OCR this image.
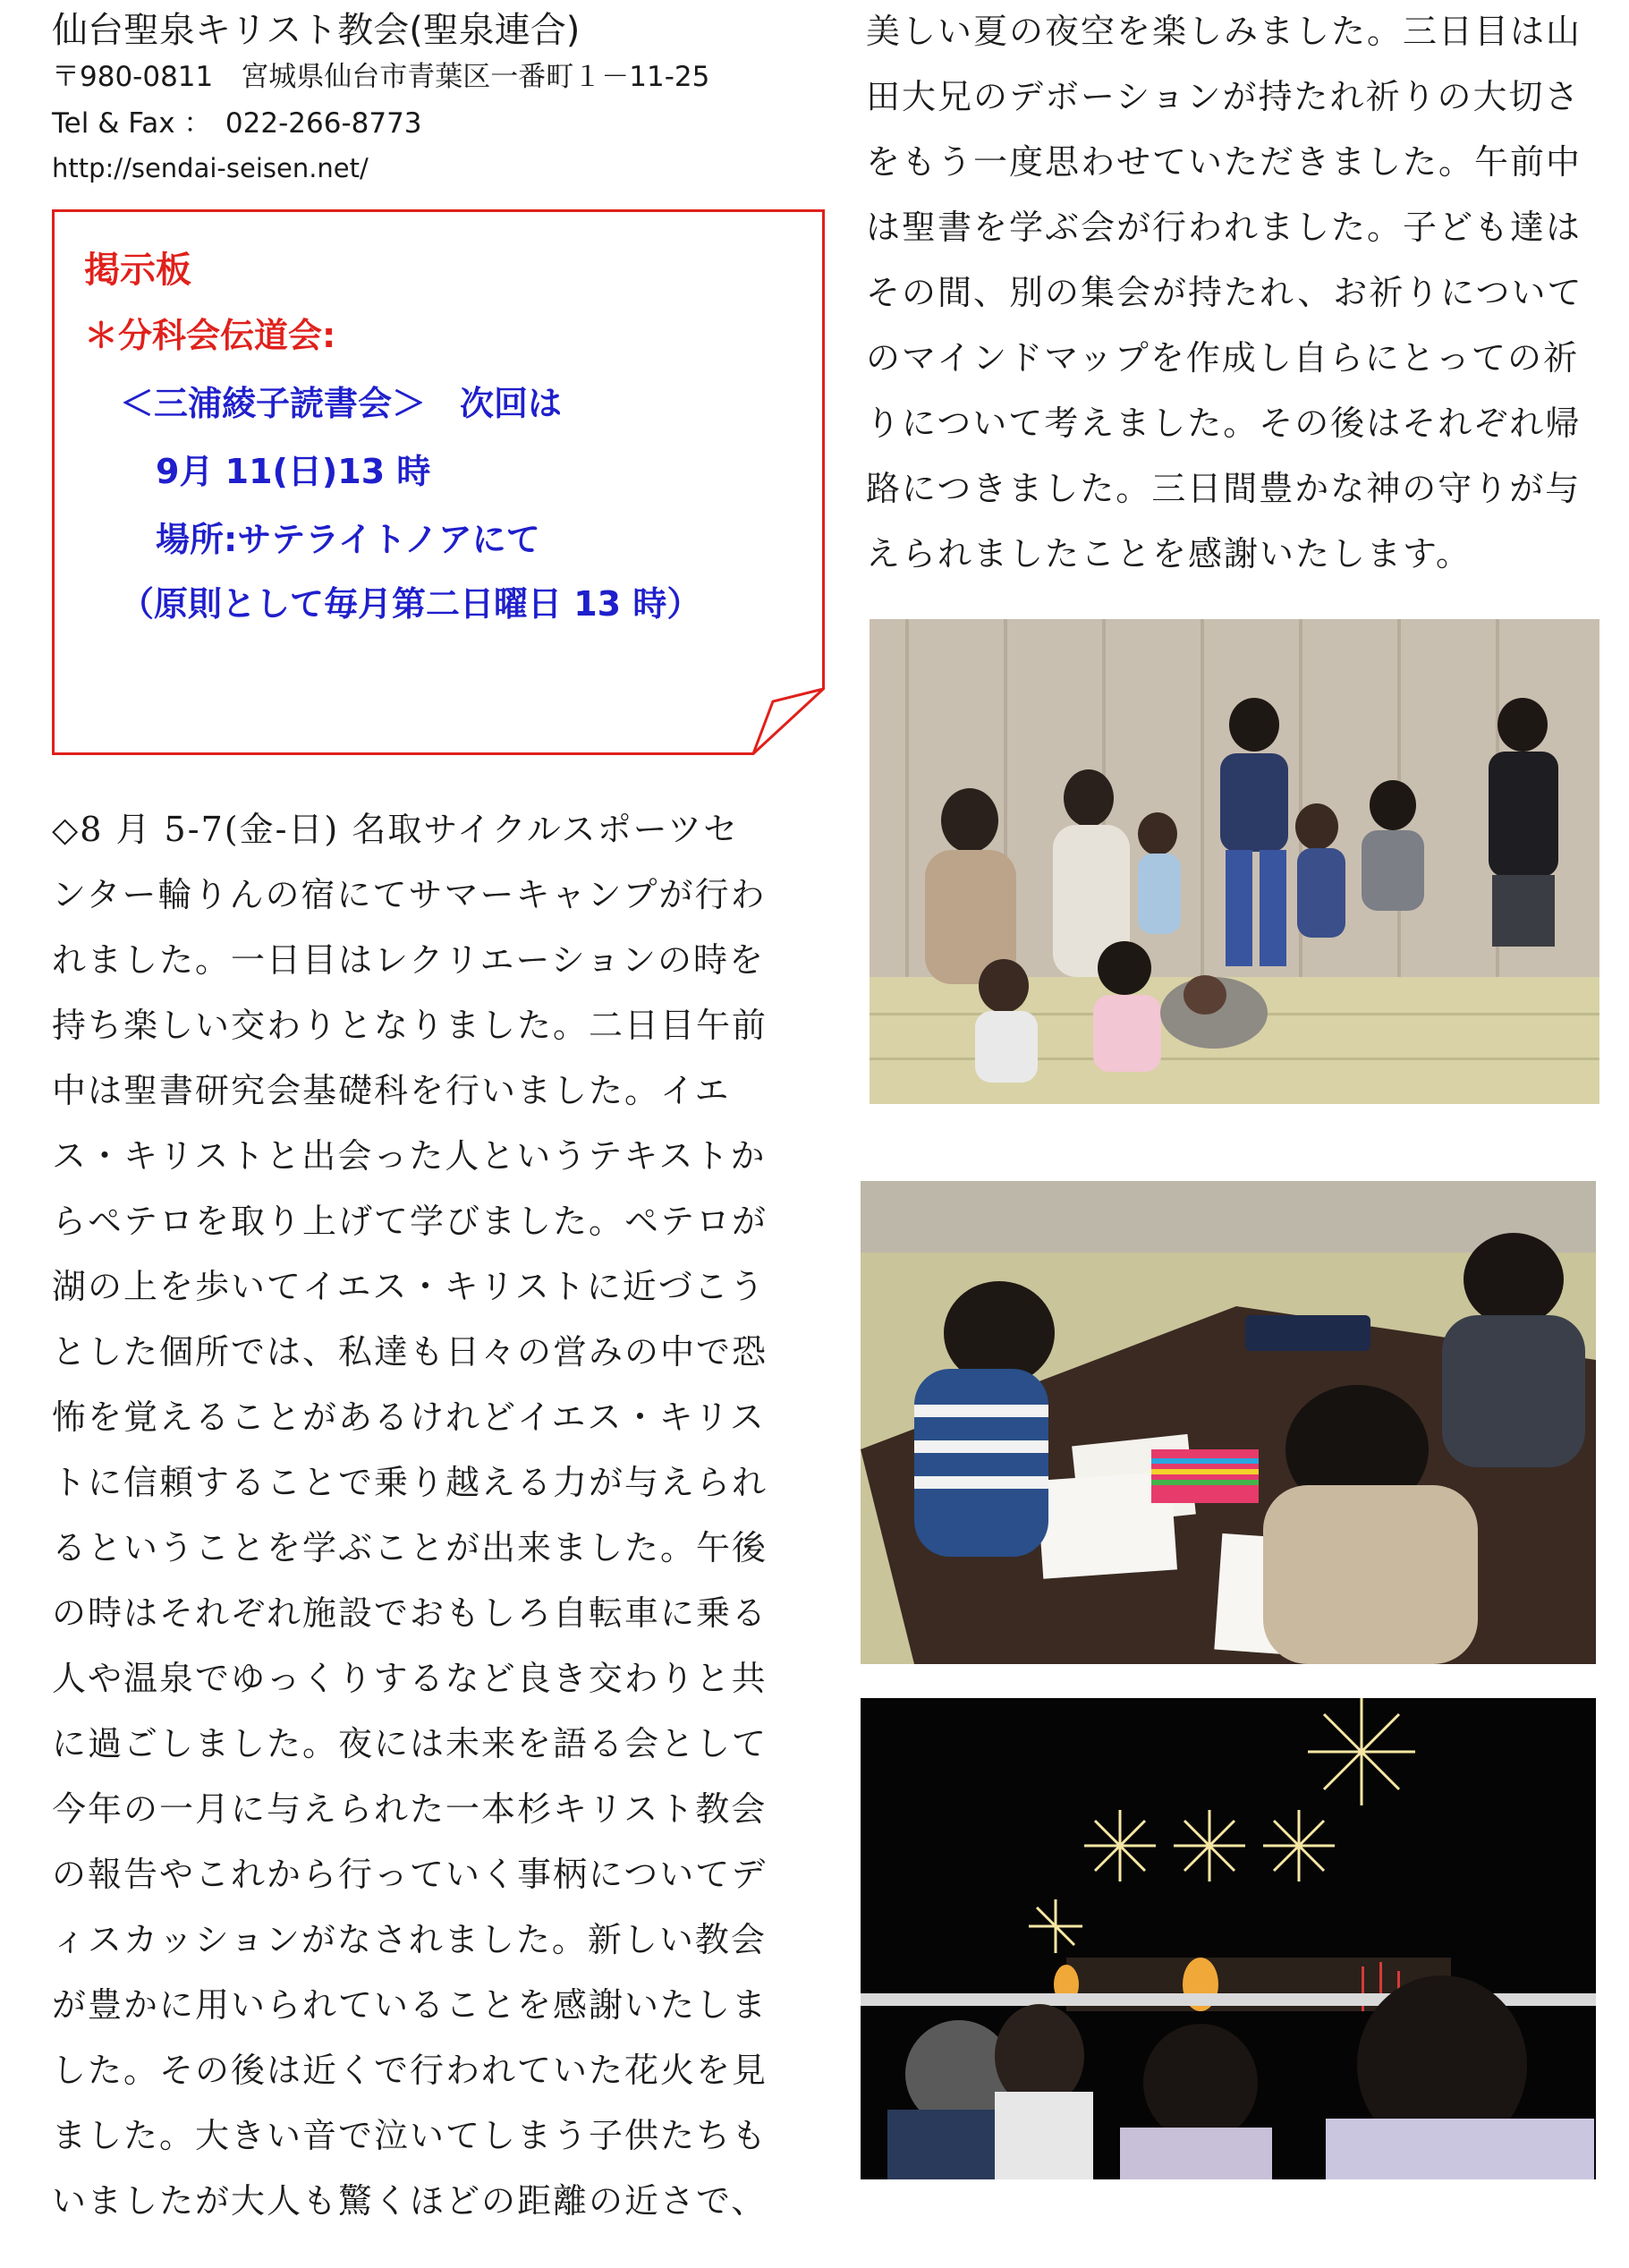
仙台聖泉キリスト教会(聖泉連合)
〒980-0811　宮城県仙台市青葉区一番町１－11-25
Tel & Fax ：　022-266-8773
http://sendai-seisen.net/
掲示板
＊分科会伝道会:
＜三浦綾子読書会＞　次回は
9月 11(日)13 時
場所:サテライトノアにて
（原則として毎月第二日曜日 13 時）
◇8 月 5-7(金-日) 名取サイクルスポーツセ
ンター輪りんの宿にてサマーキャンプが行わ
れました。一日目はレクリエーションの時を
持ち楽しい交わりとなりました。二日目午前
中は聖書研究会基礎科を行いました。イエ
ス・キリストと出会った人というテキストか
らペテロを取り上げて学びました。ペテロが
湖の上を歩いてイエス・キリストに近づこう
とした個所では、私達も日々の営みの中で恐
怖を覚えることがあるけれどイエス・キリス
トに信頼することで乗り越える力が与えられ
るということを学ぶことが出来ました。午後
の時はそれぞれ施設でおもしろ自転車に乗る
人や温泉でゆっくりするなど良き交わりと共
に過ごしました。夜には未来を語る会として
今年の一月に与えられた一本杉キリスト教会
の報告やこれから行っていく事柄についてデ
ィスカッションがなされました。新しい教会
が豊かに用いられていることを感謝いたしま
した。その後は近くで行われていた花火を見
ました。大きい音で泣いてしまう子供たちも
いましたが大人も驚くほどの距離の近さで、
美しい夏の夜空を楽しみました。三日目は山
田大兄のデボーションが持たれ祈りの大切さ
をもう一度思わせていただきました。午前中
は聖書を学ぶ会が行われました。子ども達は
その間、別の集会が持たれ、お祈りについて
のマインドマップを作成し自らにとっての祈
りについて考えました。その後はそれぞれ帰
路につきました。三日間豊かな神の守りが与
えられましたことを感謝いたします。
